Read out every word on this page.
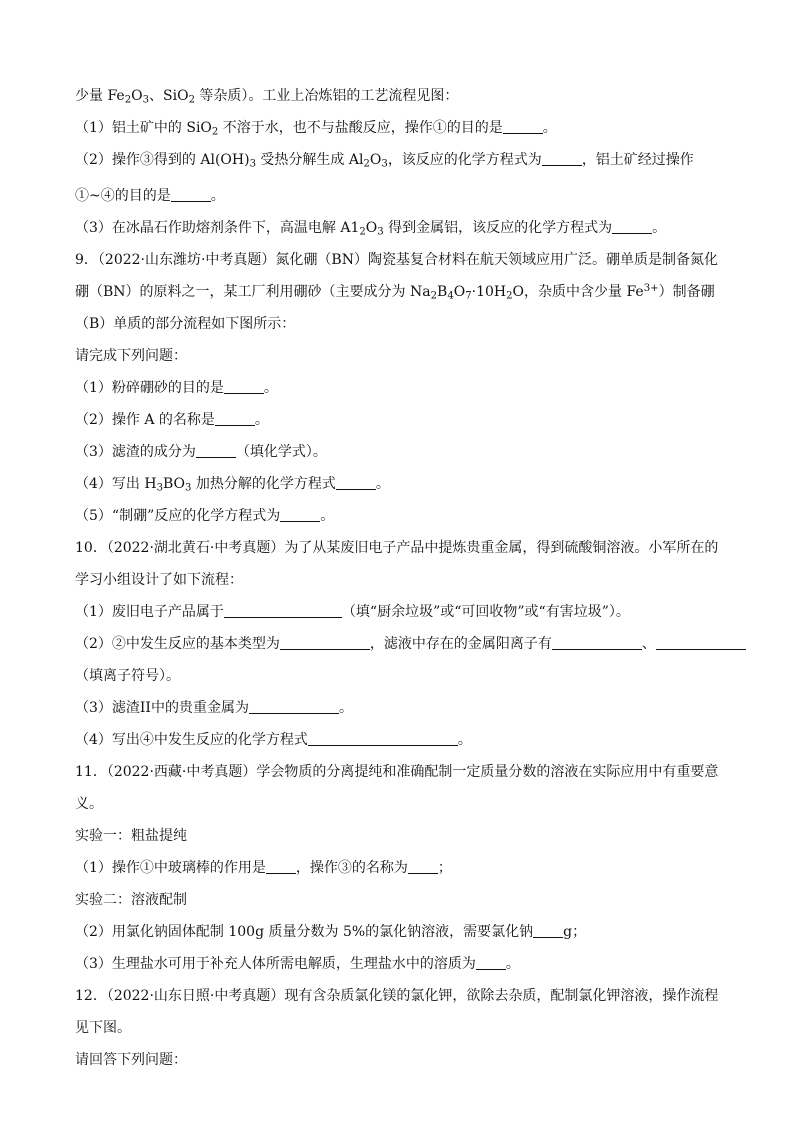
少量 $Fe_2O_3$、SiO$_2$ 等杂质）。工业上冶炼铝的工艺流程见图：
（1）铝土矿中的 SiO$_2$ 不溶于水，也不与盐酸反应，操作①的目的是	。
（2）操作③得到的 $Al(OH)_3$ 受热分解生成 $Al_2O_3$，该反应的化学方程式为	，铝土矿经过操作
①~④的目的是	。
（3）在冰晶石作助熔剂条件下，高温电解 $A1_2O_3$ 得到金属铝，该反应的化学方程式为	。
9．（2022·山东潍坊·中考真题）氮化硼（BN）陶瓷基复合材料在航天领域应用广泛。硼单质是制备氮化
硼（BN）的原料之一，某工厂利用硼砂（主要成分为 $Na_2B_4O_7\cdot 10H_2O$，杂质中含少量 $Fe^{3+}$）制备硼
（B）单质的部分流程如下图所示：
请完成下列问题：
（1）粉碎硼砂的目的是	。
（2）操作 A 的名称是	。
（3）滤渣的成分为	（填化学式）。
（4）写出 $H_3BO_3$ 加热分解的化学方程式	。
（5）“制硼”反应的化学方程式为	。
10．（2022·湖北黄石·中考真题）为了从某废旧电子产品中提炼贵重金属，得到硫酸铜溶液。小军所在的
学习小组设计了如下流程：
（1）废旧电子产品属于	（填“厨余垃圾”或“可回收物”或“有害垃圾”）。
（2）②中发生反应的基本类型为	，滤液中存在的金属阳离子有	、
（填离子符号）。
（3）滤渣II中的贵重金属为	。
（4）写出④中发生反应的化学方程式	。
11．（2022·西藏·中考真题）学会物质的分离提纯和准确配制一定质量分数的溶液在实际应用中有重要意
义。
实验一：粗盐提纯
（1）操作①中玻璃棒的作用是 ，操作③的名称为 ；
实验二：溶液配制
（2）用氯化钠固体配制 100g 质量分数为 5%的氯化钠溶液，需要氯化钠 g；
（3）生理盐水可用于补充人体所需电解质，生理盐水中的溶质为 。
12．（2022·山东日照·中考真题）现有含杂质氯化镁的氯化钾，欲除去杂质，配制氯化钾溶液，操作流程
见下图。
请回答下列问题：
